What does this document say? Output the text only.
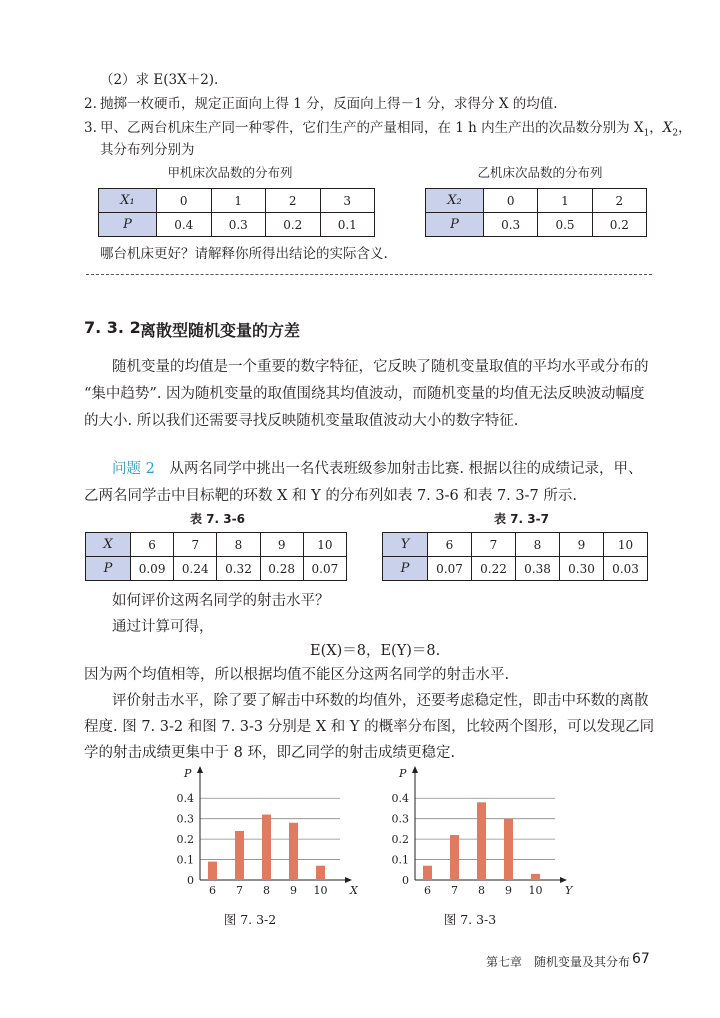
（2）求 E(3X＋2).
2. 抛掷一枚硬币，规定正面向上得 1 分，反面向上得－1 分，求得分 X 的均值.
3. 甲、乙两台机床生产同一种零件，它们生产的产量相同，在 1 h 内生产出的次品数分别为 $X_1$，$X_2$，
其分布列分别为
甲机床次品数的分布列	乙机床次品数的分布列
X₁	0	1	2	3
P	0.4	0.3	0.2	0.1
X₂	0	1	2
P	0.3	0.5	0.2
哪台机床更好？请解释你所得出结论的实际含义.
7. 3. 2 离散型随机变量的方差
随机变量的均值是一个重要的数字特征，它反映了随机变量取值的平均水平或分布的
“集中趋势”. 因为随机变量的取值围绕其均值波动，而随机变量的均值无法反映波动幅度
的大小. 所以我们还需要寻找反映随机变量取值波动大小的数字特征.
问题 2　 从两名同学中挑出一名代表班级参加射击比赛. 根据以往的成绩记录，甲、
乙两名同学击中目标靶的环数 X 和 Y 的分布列如表 7. 3-6 和表 7. 3-7 所示.
表 7. 3-6	表 7. 3-7
X	6	7	8	9	10
P	0.09	0.24	0.32	0.28	0.07
Y	6	7	8	9	10
P	0.07	0.22	0.38	0.30	0.03
如何评价这两名同学的射击水平？
通过计算可得，
E(X)＝8，E(Y)＝8.
因为两个均值相等，所以根据均值不能区分这两名同学的射击水平.
评价射击水平，除了要了解击中环数的均值外，还要考虑稳定性，即击中环数的离散
程度. 图 7. 3-2 和图 7. 3-3 分别是 X 和 Y 的概率分布图，比较两个图形，可以发现乙同
学的射击成绩更集中于 8 环，即乙同学的射击成绩更稳定.
0
0.1
0.2
0.3
0.4
P
X
6 7 8 9 10
0
0.1
0.2
0.3
0.4
P
Y
6 7 8 9 10
图 7. 3-2	图 7. 3-3
第七章　随机变量及其分布 67
